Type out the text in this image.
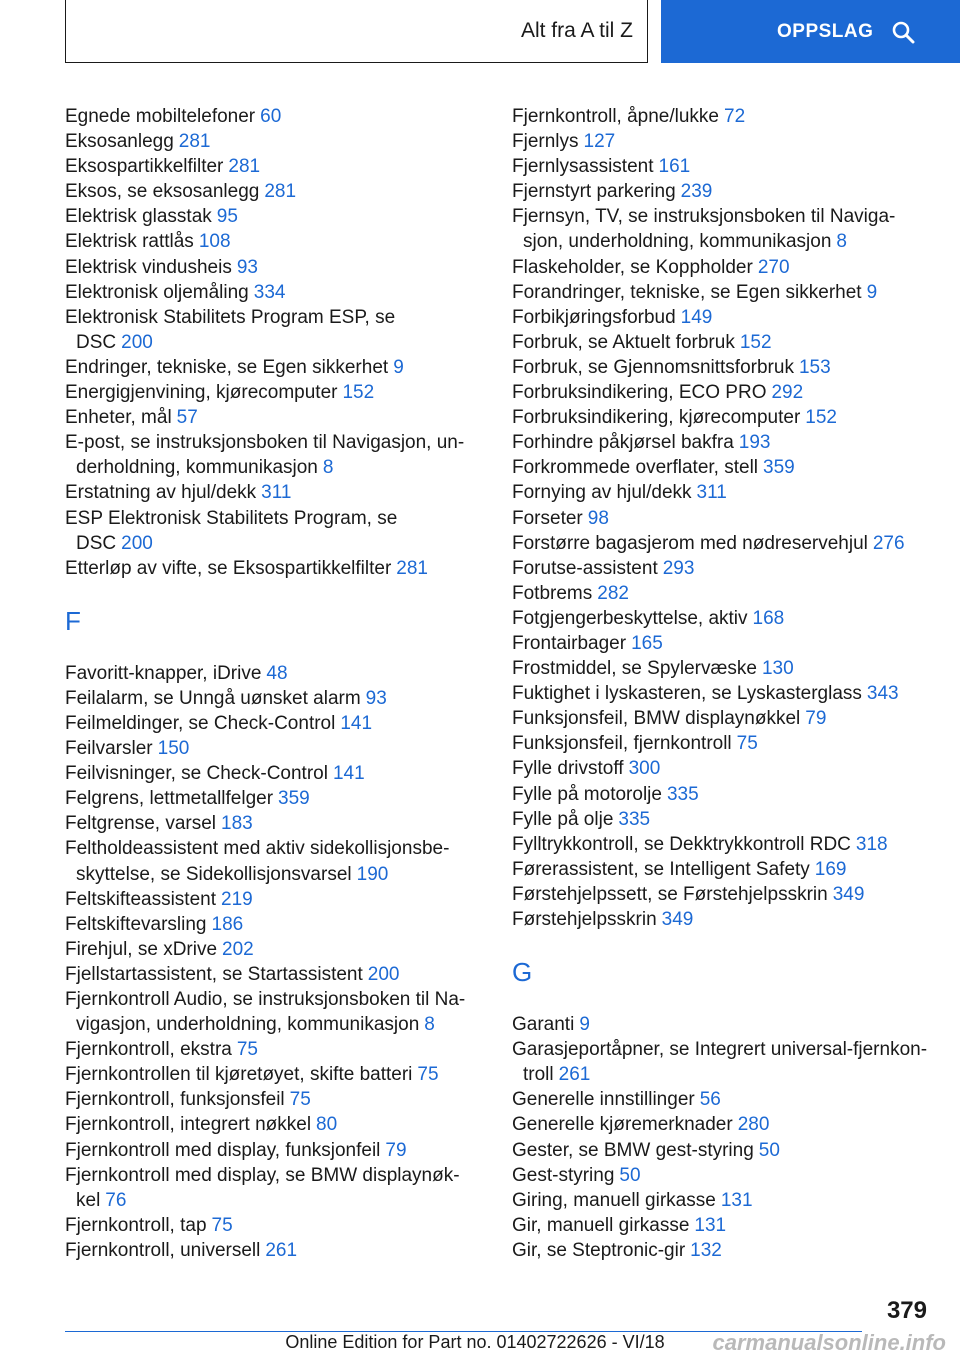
Alt fra A til Z	OPPSLAG
Egnede mobiltelefoner 60
Eksosanlegg 281
Eksospartikkelfilter 281
Eksos, se eksosanlegg 281
Elektrisk glasstak 95
Elektrisk rattlås 108
Elektrisk vindusheis 93
Elektronisk oljemåling 334
Elektronisk Stabilitets Program ESP, se
DSC 200
Endringer, tekniske, se Egen sikkerhet 9
Energigjenvining, kjørecomputer 152
Enheter, mål 57
E-post, se instruksjonsboken til Navigasjon, un-
derholdning, kommunikasjon 8
Erstatning av hjul/dekk 311
ESP Elektronisk Stabilitets Program, se
DSC 200
Etterløp av vifte, se Eksospartikkelfilter 281
F
Favoritt-knapper, iDrive 48
Feilalarm, se Unngå uønsket alarm 93
Feilmeldinger, se Check-Control 141
Feilvarsler 150
Feilvisninger, se Check-Control 141
Felgrens, lettmetallfelger 359
Feltgrense, varsel 183
Feltholdeassistent med aktiv sidekollisjonsbe-
skyttelse, se Sidekollisjonsvarsel 190
Feltskifteassistent 219
Feltskiftevarsling 186
Firehjul, se xDrive 202
Fjellstartassistent, se Startassistent 200
Fjernkontroll Audio, se instruksjonsboken til Na-
vigasjon, underholdning, kommunikasjon 8
Fjernkontroll, ekstra 75
Fjernkontrollen til kjøretøyet, skifte batteri 75
Fjernkontroll, funksjonsfeil 75
Fjernkontroll, integrert nøkkel 80
Fjernkontroll med display, funksjonfeil 79
Fjernkontroll med display, se BMW displaynøk-
kel 76
Fjernkontroll, tap 75
Fjernkontroll, universell 261
Fjernkontroll, åpne/lukke 72
Fjernlys 127
Fjernlysassistent 161
Fjernstyrt parkering 239
Fjernsyn, TV, se instruksjonsboken til Naviga-
sjon, underholdning, kommunikasjon 8
Flaskeholder, se Koppholder 270
Forandringer, tekniske, se Egen sikkerhet 9
Forbikjøringsforbud 149
Forbruk, se Aktuelt forbruk 152
Forbruk, se Gjennomsnittsforbruk 153
Forbruksindikering, ECO PRO 292
Forbruksindikering, kjørecomputer 152
Forhindre påkjørsel bakfra 193
Forkrommede overflater, stell 359
Fornying av hjul/dekk 311
Forseter 98
Forstørre bagasjerom med nødreservehjul 276
Forutse-assistent 293
Fotbrems 282
Fotgjengerbeskyttelse, aktiv 168
Frontairbager 165
Frostmiddel, se Spylervæske 130
Fuktighet i lyskasteren, se Lyskasterglass 343
Funksjonsfeil, BMW displaynøkkel 79
Funksjonsfeil, fjernkontroll 75
Fylle drivstoff 300
Fylle på motorolje 335
Fylle på olje 335
Fylltrykkontroll, se Dekktrykkontroll RDC 318
Førerassistent, se Intelligent Safety 169
Førstehjelpssett, se Førstehjelpsskrin 349
Førstehjelpsskrin 349
G
Garanti 9
Garasjeportåpner, se Integrert universal-fjernkon-
troll 261
Generelle innstillinger 56
Generelle kjøremerknader 280
Gester, se BMW gest-styring 50
Gest-styring 50
Giring, manuell girkasse 131
Gir, manuell girkasse 131
Gir, se Steptronic-gir 132
379
Online Edition for Part no. 01402722626 - VI/18	carmanualsonline.info
